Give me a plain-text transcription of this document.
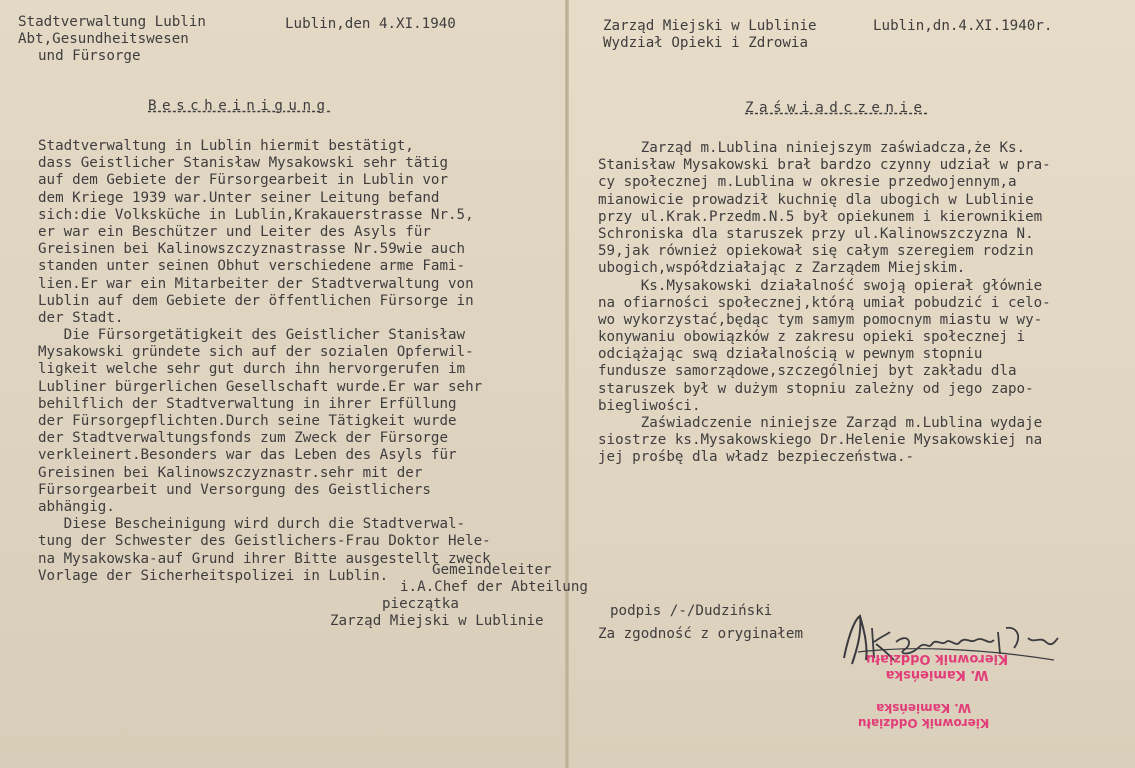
Stadtverwaltung Lublin
Abt,Gesundheitswesen
und Fürsorge
Lublin,den 4.XI.1940
Bescheinigung
Stadtverwaltung in Lublin hiermit bestätigt,
dass Geistlicher Stanisław Mysakowski sehr tätig
auf dem Gebiete der Fürsorgearbeit in Lublin vor
dem Kriege 1939 war.Unter seiner Leitung befand
sich:die Volksküche in Lublin,Krakauerstrasse Nr.5,
er war ein Beschützer und Leiter des Asyls für
Greisinen bei Kalinowszczyznastrasse Nr.59wie auch
standen unter seinen Obhut verschiedene arme Fami-
lien.Er war ein Mitarbeiter der Stadtverwaltung von
Lublin auf dem Gebiete der öffentlichen Fürsorge in
der Stadt.
Die Fürsorgetätigkeit des Geistlicher Stanisław
Mysakowski gründete sich auf der sozialen Opferwil-
ligkeit welche sehr gut durch ihn hervorgerufen im
Lubliner bürgerlichen Gesellschaft wurde.Er war sehr
behilflich der Stadtverwaltung in ihrer Erfüllung
der Fürsorgepflichten.Durch seine Tätigkeit wurde
der Stadtverwaltungsfonds zum Zweck der Fürsorge
verkleinert.Besonders war das Leben des Asyls für
Greisinen bei Kalinowszczyznastr.sehr mit der
Fürsorgearbeit und Versorgung des Geistlichers
abhängig.
Diese Bescheinigung wird durch die Stadtverwal-
tung der Schwester des Geistlichers-Frau Doktor Hele-
na Mysakowska-auf Grund ihrer Bitte ausgestellt zweck
Vorlage der Sicherheitspolizei in Lublin.	Gemeindeleiter
i.A.Chef der Abteilung
pieczątka
Zarząd Miejski w Lublinie
podpis /-/Dudziński
Za zgodność z oryginałem
Zarząd Miejski w Lublinie
Wydział Opieki i Zdrowia
Lublin,dn.4.XI.1940r.
Zaświadczenie
Zarząd m.Lublina niniejszym zaświadcza,że Ks.
Stanisław Mysakowski brał bardzo czynny udział w pra-
cy społecznej m.Lublina w okresie przedwojennym,a
mianowicie prowadził kuchnię dla ubogich w Lublinie
przy ul.Krak.Przedm.N.5 był opiekunem i kierownikiem
Schroniska dla staruszek przy ul.Kalinowszczyzna N.
59,jak również opiekował się całym szeregiem rodzin
ubogich,współdziałając z Zarządem Miejskim.
Ks.Mysakowski działalność swoją opierał głównie
na ofiarności społecznej,którą umiał pobudzić i celo-
wo wykorzystać,będąc tym samym pomocnym miastu w wy-
konywaniu obowiązków z zakresu opieki społecznej i
odciążając swą działalnością w pewnym stopniu
fundusze samorządowe,szczególniej byt zakładu dla
staruszek był w dużym stopniu zależny od jego zapo-
biegliwości.
Zaświadczenie niniejsze Zarząd m.Lublina wydaje
siostrze ks.Mysakowskiego Dr.Helenie Mysakowskiej na
jej prośbę dla władz bezpieczeństwa.-
W. Kamieńska
Kierownik Oddziału
Kierownik Oddziału
W. Kamieńska
